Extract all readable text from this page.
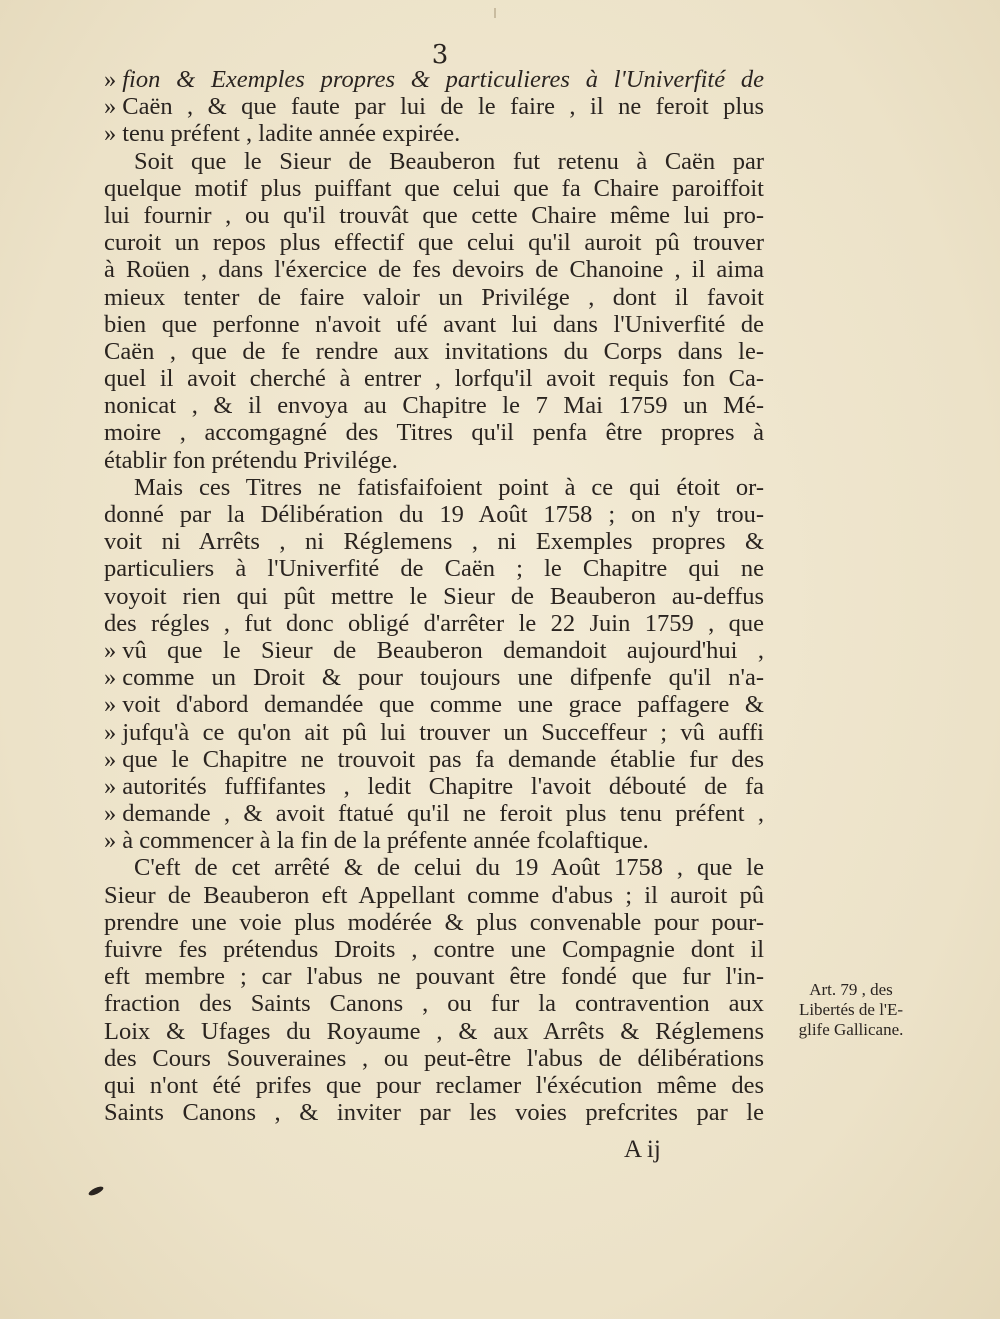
3
» fion & Exemples propres & particulieres à l'Univerfité de
» Caën , & que faute par lui de le faire , il ne feroit plus
» tenu préfent , ladite année expirée.
Soit que le Sieur de Beauberon fut retenu à Caën par
quelque motif plus puiffant que celui que fa Chaire paroiffoit
lui fournir , ou qu'il trouvât que cette Chaire même lui pro-
curoit un repos plus effectif que celui qu'il auroit pû trouver
à Roüen , dans l'éxercice de fes devoirs de Chanoine , il aima
mieux tenter de faire valoir un Privilége , dont il favoit
bien que perfonne n'avoit ufé avant lui dans l'Univerfité de
Caën , que de fe rendre aux invitations du Corps dans le-
quel il avoit cherché à entrer , lorfqu'il avoit requis fon Ca-
nonicat , & il envoya au Chapitre le 7 Mai 1759 un Mé-
moire , accomgagné des Titres qu'il penfa être propres à
établir fon prétendu Privilége.
Mais ces Titres ne fatisfaifoient point à ce qui étoit or-
donné par la Délibération du 19 Août 1758 ; on n'y trou-
voit ni Arrêts , ni Réglemens , ni Exemples propres &
particuliers à l'Univerfité de Caën ; le Chapitre qui ne
voyoit rien qui pût mettre le Sieur de Beauberon au-deffus
des régles , fut donc obligé d'arrêter le 22 Juin 1759 , que
» vû que le Sieur de Beauberon demandoit aujourd'hui ,
» comme un Droit & pour toujours une difpenfe qu'il n'a-
» voit d'abord demandée que comme une grace paffagere &
» jufqu'à ce qu'on ait pû lui trouver un Succeffeur ; vû auffi
» que le Chapitre ne trouvoit pas fa demande établie fur des
» autorités fuffifantes , ledit Chapitre l'avoit débouté de fa
» demande , & avoit ftatué qu'il ne feroit plus tenu préfent ,
» à commencer à la fin de la préfente année fcolaftique.
C'eft de cet arrêté & de celui du 19 Août 1758 , que le
Sieur de Beauberon eft Appellant comme d'abus ; il auroit pû
prendre une voie plus modérée & plus convenable pour pour-
fuivre fes prétendus Droits , contre une Compagnie dont il
eft membre ; car l'abus ne pouvant être fondé que fur l'in-
fraction des Saints Canons , ou fur la contravention aux
Loix & Ufages du Royaume , & aux Arrêts & Réglemens
des Cours Souveraines , ou peut-être l'abus de délibérations
qui n'ont été prifes que pour reclamer l'éxécution même des
Saints Canons , & inviter par les voies prefcrites par le
Art. 79 , des
Libertés de l'E-
glife Gallicane.
A ij
